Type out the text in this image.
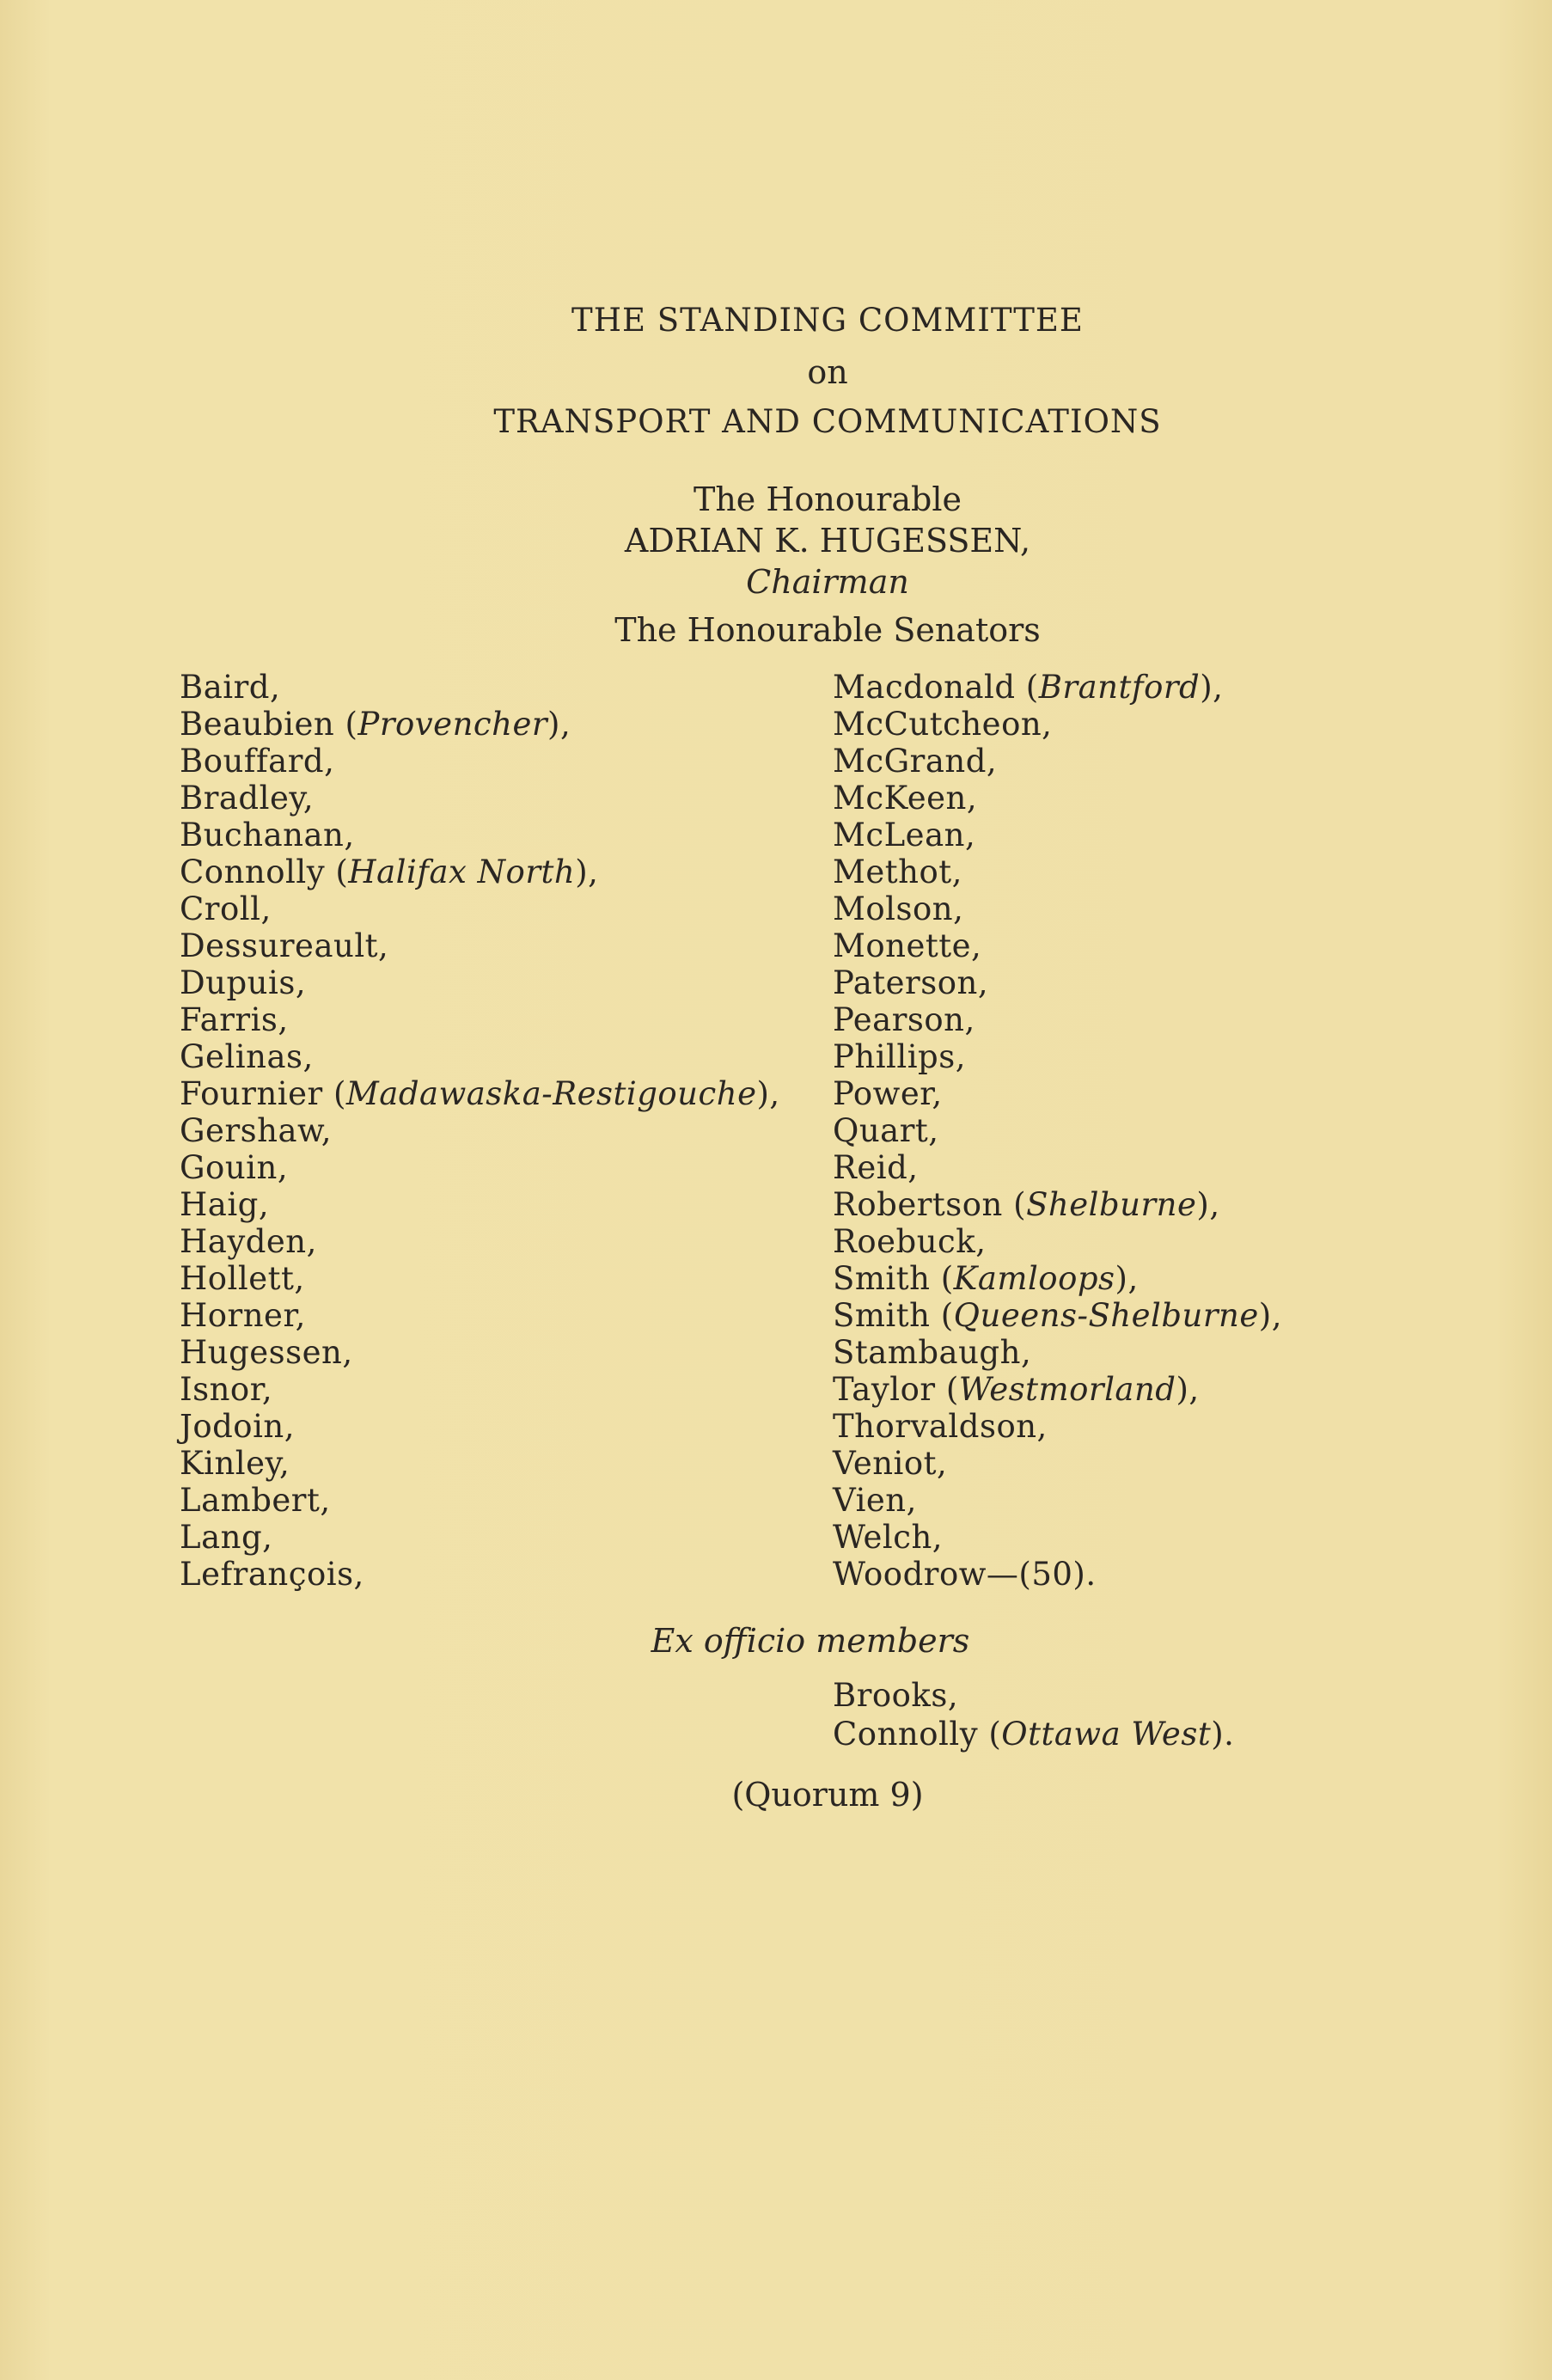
THE STANDING COMMITTEE
on
TRANSPORT AND COMMUNICATIONS
The Honourable
ADRIAN K. HUGESSEN,
Chairman
The Honourable Senators
Baird,
Beaubien (Provencher),
Bouffard,
Bradley,
Buchanan,
Connolly (Halifax North),
Croll,
Dessureault,
Dupuis,
Farris,
Gelinas,
Fournier (Madawaska-Restigouche),
Gershaw,
Gouin,
Haig,
Hayden,
Hollett,
Horner,
Hugessen,
Isnor,
Jodoin,
Kinley,
Lambert,
Lang,
Lefrançois,
Macdonald (Brantford),
McCutcheon,
McGrand,
McKeen,
McLean,
Methot,
Molson,
Monette,
Paterson,
Pearson,
Phillips,
Power,
Quart,
Reid,
Robertson (Shelburne),
Roebuck,
Smith (Kamloops),
Smith (Queens-Shelburne),
Stambaugh,
Taylor (Westmorland),
Thorvaldson,
Veniot,
Vien,
Welch,
Woodrow—(50).
Ex officio members
Brooks,
Connolly (Ottawa West).
(Quorum 9)
